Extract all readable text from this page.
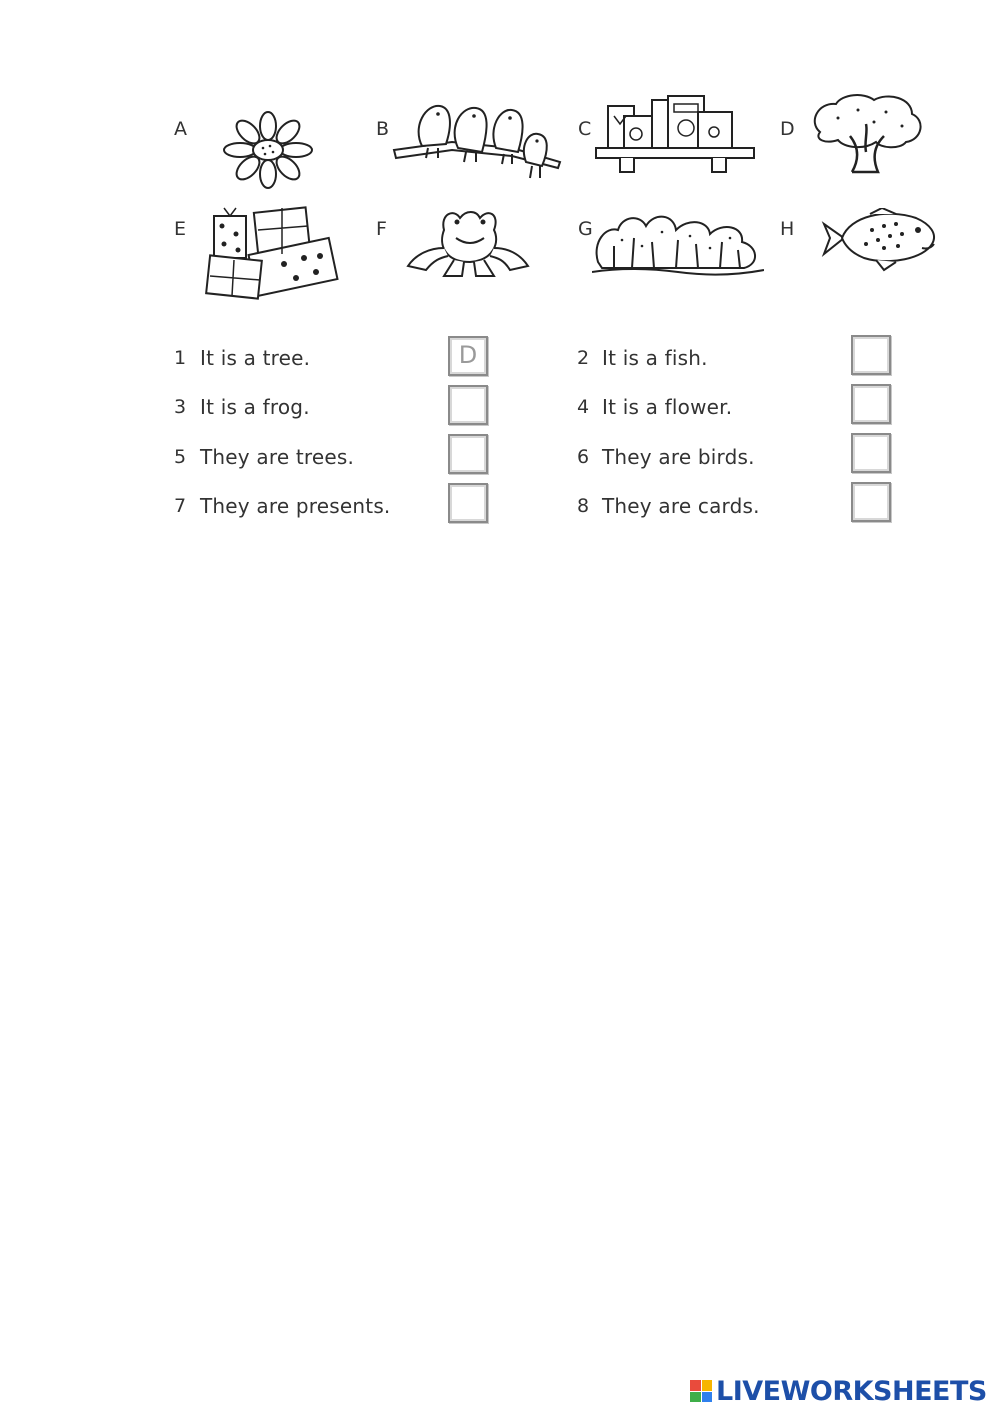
A	B	C	D
E	F	G	H
1 It is a tree.	D	2 It is a fish.
3 It is a frog.	4 It is a flower.
5 They are trees.	6 They are birds.
7 They are presents.	8 They are cards.
LIVEWORKSHEETS
